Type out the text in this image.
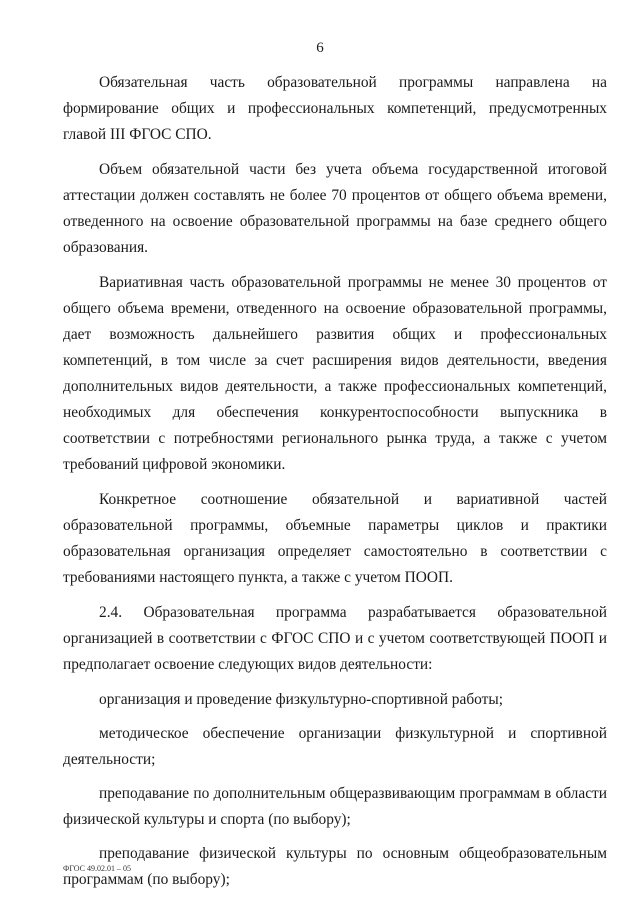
6

Обязательная часть образовательной программы направлена на формирование общих и профессиональных компетенций, предусмотренных главой III ФГОС СПО.

Объем обязательной части без учета объема государственной итоговой аттестации должен составлять не более 70 процентов от общего объема времени, отведенного на освоение образовательной программы на базе среднего общего образования.

Вариативная часть образовательной программы не менее 30 процентов от общего объема времени, отведенного на освоение образовательной программы, дает возможность дальнейшего развития общих и профессиональных компетенций, в том числе за счет расширения видов деятельности, введения дополнительных видов деятельности, а также профессиональных компетенций, необходимых для обеспечения конкурентоспособности выпускника в соответствии с потребностями регионального рынка труда, а также с учетом требований цифровой экономики.

Конкретное соотношение обязательной и вариативной частей образовательной программы, объемные параметры циклов и практики образовательная организация определяет самостоятельно в соответствии с требованиями настоящего пункта, а также с учетом ПООП.

2.4. Образовательная программа разрабатывается образовательной организацией в соответствии с ФГОС СПО и с учетом соответствующей ПООП и предполагает освоение следующих видов деятельности:

организация и проведение физкультурно-спортивной работы;

методическое обеспечение организации физкультурной и спортивной деятельности;

преподавание по дополнительным общеразвивающим программам в области физической культуры и спорта (по выбору);

преподавание физической культуры по основным общеобразовательным программам (по выбору);

ФГОС 49.02.01 – 05
